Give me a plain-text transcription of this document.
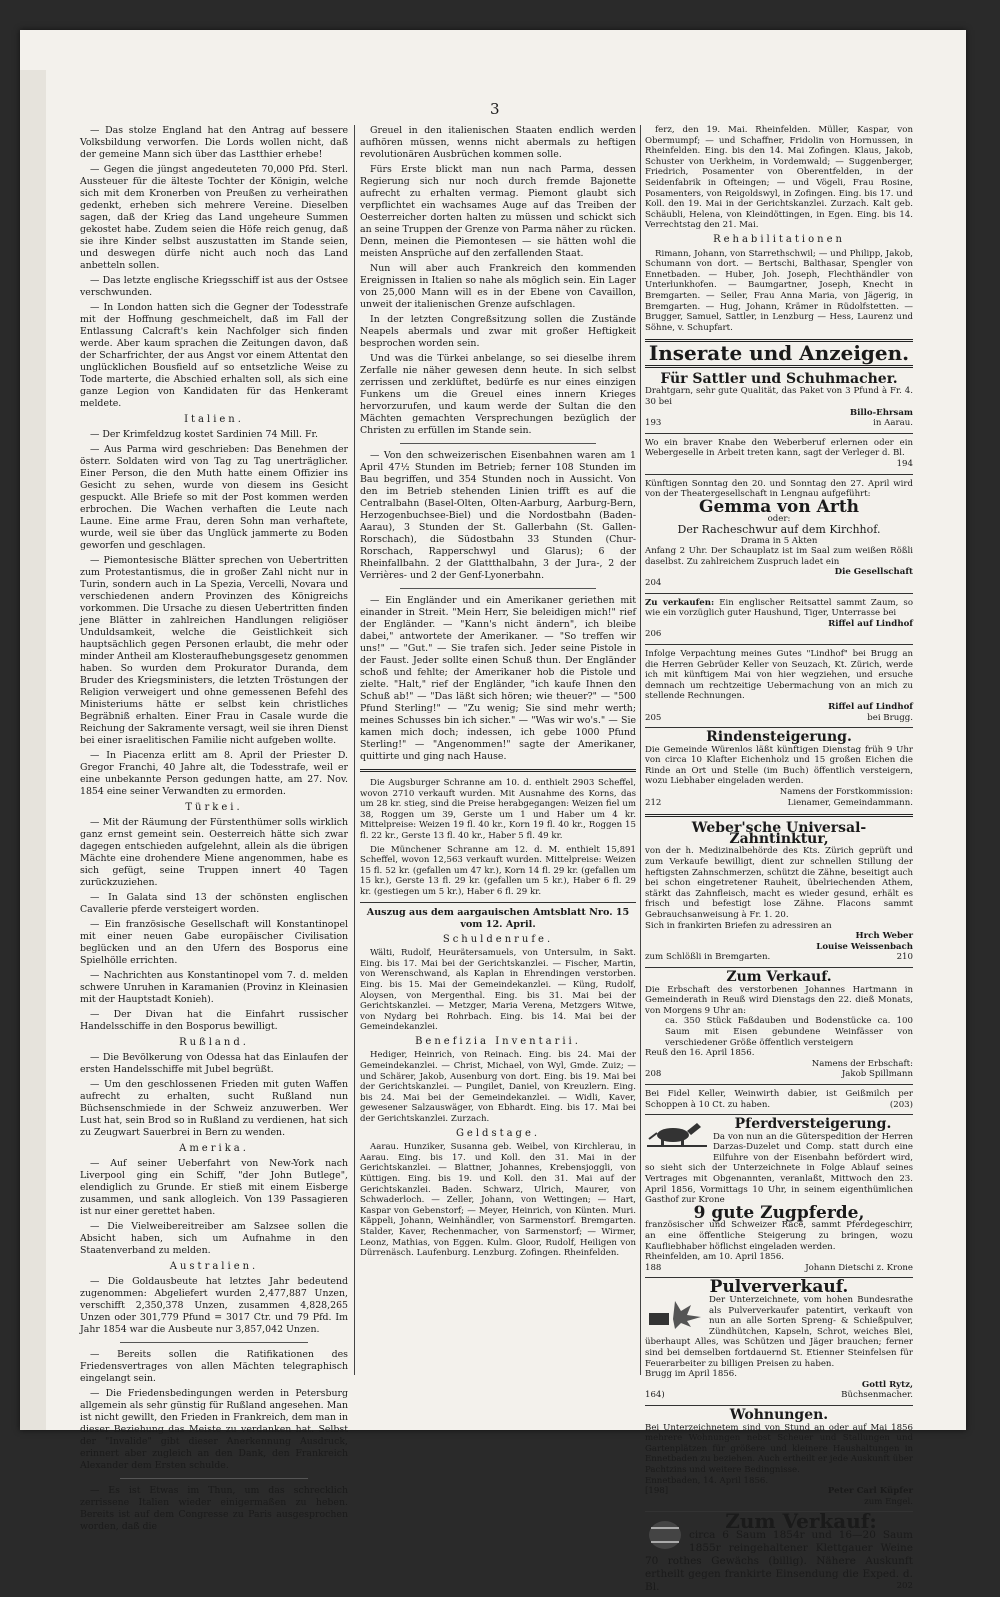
3

— Das stolze England hat den Antrag auf bessere Volksbildung verworfen. Die Lords wollen nicht, daß der gemeine Mann sich über das Lastthier erhebe!

— Gegen die jüngst angedeuteten 70,000 Pfd. Sterl. Aussteuer für die älteste Tochter der Königin, welche sich mit dem Kronerben von Preußen zu verheirathen gedenkt, erheben sich mehrere Vereine. Dieselben sagen, daß der Krieg das Land ungeheure Summen gekostet habe. Zudem seien die Höfe reich genug, daß sie ihre Kinder selbst auszustatten im Stande seien, und deswegen dürfe nicht auch noch das Land anbetteln sollen.

— Das letzte englische Kriegsschiff ist aus der Ostsee verschwunden.

— In London hatten sich die Gegner der Todesstrafe mit der Hoffnung geschmeichelt, daß im Fall der Entlassung Calcraft's kein Nachfolger sich finden werde. Aber kaum sprachen die Zeitungen davon, daß der Scharfrichter, der aus Angst vor einem Attentat den unglücklichen Bousfield auf so entsetzliche Weise zu Tode marterte, die Abschied erhalten soll, als sich eine ganze Legion von Kandidaten für das Henkeramt meldete.

Italien.

— Der Krimfeldzug kostet Sardinien 74 Mill. Fr.

— Aus Parma wird geschrieben: Das Benehmen der österr. Soldaten wird von Tag zu Tag unerträglicher. Einer Person, die den Muth hatte einem Offizier ins Gesicht zu sehen, wurde von diesem ins Gesicht gespuckt. Alle Briefe so mit der Post kommen werden erbrochen. Die Wachen verhaften die Leute nach Laune. Eine arme Frau, deren Sohn man verhaftete, wurde, weil sie über das Unglück jammerte zu Boden geworfen und geschlagen.

— Piemontesische Blätter sprechen von Uebertritten zum Protestantismus, die in großer Zahl nicht nur in Turin, sondern auch in La Spezia, Vercelli, Novara und verschiedenen andern Provinzen des Königreichs vorkommen. Die Ursache zu diesen Uebertritten finden jene Blätter in zahlreichen Handlungen religiöser Unduldsamkeit, welche die Geistlichkeit sich hauptsächlich gegen Personen erlaubt, die mehr oder minder Antheil am Klosteraufhebungsgesetz genommen haben. So wurden dem Prokurator Duranda, dem Bruder des Kriegsministers, die letzten Tröstungen der Religion verweigert und ohne gemessenen Befehl des Ministeriums hätte er selbst kein christliches Begräbniß erhalten. Einer Frau in Casale wurde die Reichung der Sakramente versagt, weil sie ihren Dienst bei einer israelitischen Familie nicht aufgeben wollte.

— In Piacenza erlitt am 8. April der Priester D. Gregor Franchi, 40 Jahre alt, die Todesstrafe, weil er eine unbekannte Person gedungen hatte, am 27. Nov. 1854 eine seiner Verwandten zu ermorden.

Türkei.

— Mit der Räumung der Fürstenthümer solls wirklich ganz ernst gemeint sein. Oesterreich hätte sich zwar dagegen entschieden aufgelehnt, allein als die übrigen Mächte eine drohendere Miene angenommen, habe es sich gefügt, seine Truppen innert 40 Tagen zurückzuziehen.

— In Galata sind 13 der schönsten englischen Cavallerie pferde versteigert worden.

— Ein französische Gesellschaft will Konstantinopel mit einer neuen Gabe europäischer Civilisation beglücken und an den Ufern des Bosporus eine Spielhölle errichten.

— Nachrichten aus Konstantinopel vom 7. d. melden schwere Unruhen in Karamanien (Provinz in Kleinasien mit der Hauptstadt Konieh).

— Der Divan hat die Einfahrt russischer Handelsschiffe in den Bosporus bewilligt.

Rußland.

— Die Bevölkerung von Odessa hat das Einlaufen der ersten Handelsschiffe mit Jubel begrüßt.

— Um den geschlossenen Frieden mit guten Waffen aufrecht zu erhalten, sucht Rußland nun Büchsenschmiede in der Schweiz anzuwerben. Wer Lust hat, sein Brod so in Rußland zu verdienen, hat sich zu Zeugwart Sauerbrei in Bern zu wenden.

Amerika.

— Auf seiner Ueberfahrt von New-York nach Liverpool ging ein Schiff, "der John Butlege", elendiglich zu Grunde. Er stieß mit einem Eisberge zusammen, und sank allogleich. Von 139 Passagieren ist nur einer gerettet haben.

— Die Vielweibereitreiber am Salzsee sollen die Absicht haben, sich um Aufnahme in den Staatenverband zu melden.

Australien.

— Die Goldausbeute hat letztes Jahr bedeutend zugenommen: Abgeliefert wurden 2,477,887 Unzen, verschifft 2,350,378 Unzen, zusammen 4,828,265 Unzen oder 301,779 Pfund = 3017 Ctr. und 79 Pfd. Im Jahr 1854 war die Ausbeute nur 3,857,042 Unzen.

— Bereits sollen die Ratifikationen des Friedensvertrages von allen Mächten telegraphisch eingelangt sein.

— Die Friedensbedingungen werden in Petersburg allgemein als sehr günstig für Rußland angesehen. Man ist nicht gewillt, den Frieden in Frankreich, dem man in dieser Beziehung das Meiste zu verdanken hat. Selbst der "Invalide" gibt dieser Anerkennung Ausdruck, erinnert aber zugleich an den Dank, den Frankreich Alexander dem Ersten schulde.

— Es ist Etwas im Thun, um das schrecklich zerrissene Italien wieder einigermaßen zu heben. Bereits ist auf dem Congresse zu Paris ausgesprochen worden, daß die

Greuel in den italienischen Staaten endlich werden aufhören müssen, wenns nicht abermals zu heftigen revolutionären Ausbrüchen kommen solle.

Fürs Erste blickt man nun nach Parma, dessen Regierung sich nur noch durch fremde Bajonette aufrecht zu erhalten vermag. Piemont glaubt sich verpflichtet ein wachsames Auge auf das Treiben der Oesterreicher dorten halten zu müssen und schickt sich an seine Truppen der Grenze von Parma näher zu rücken. Denn, meinen die Piemontesen — sie hätten wohl die meisten Ansprüche auf den zerfallenden Staat.

Nun will aber auch Frankreich den kommenden Ereignissen in Italien so nahe als möglich sein. Ein Lager von 25,000 Mann will es in der Ebene von Cavaillon, unweit der italienischen Grenze aufschlagen.

In der letzten Congreßsitzung sollen die Zustände Neapels abermals und zwar mit großer Heftigkeit besprochen worden sein.

Und was die Türkei anbelange, so sei dieselbe ihrem Zerfalle nie näher gewesen denn heute. In sich selbst zerrissen und zerklüftet, bedürfe es nur eines einzigen Funkens um die Greuel eines innern Krieges hervorzurufen, und kaum werde der Sultan die den Mächten gemachten Versprechungen bezüglich der Christen zu erfüllen im Stande sein.

— Von den schweizerischen Eisenbahnen waren am 1 April 47½ Stunden im Betrieb; ferner 108 Stunden im Bau begriffen, und 354 Stunden noch in Aussicht. Von den im Betrieb stehenden Linien trifft es auf die Centralbahn (Basel-Olten, Olten-Aarburg, Aarburg-Bern, Herzogenbuchsee-Biel) und die Nordostbahn (Baden-Aarau), 3 Stunden der St. Gallerbahn (St. Gallen-Rorschach), die Südostbahn 33 Stunden (Chur-Rorschach, Rapperschwyl und Glarus); 6 der Rheinfallbahn. 2 der Glattthalbahn, 3 der Jura-, 2 der Verrières- und 2 der Genf-Lyonerbahn.

— Ein Engländer und ein Amerikaner geriethen mit einander in Streit. "Mein Herr, Sie beleidigen mich!" rief der Engländer. — "Kann's nicht ändern", ich bleibe dabei," antwortete der Amerikaner. — "So treffen wir uns!" — "Gut." — Sie trafen sich. Jeder seine Pistole in der Faust. Jeder sollte einen Schuß thun. Der Engländer schoß und fehlte; der Amerikaner hob die Pistole und zielte. "Halt," rief der Engländer, "ich kaufe Ihnen den Schuß ab!" — "Das läßt sich hören; wie theuer?" — "500 Pfund Sterling!" — "Zu wenig; Sie sind mehr werth; meines Schusses bin ich sicher." — "Was wir wo's." — Sie kamen mich doch; indessen, ich gebe 1000 Pfund Sterling!" — "Angenommen!" sagte der Amerikaner, quittirte und ging nach Hause.

Die Augsburger Schranne am 10. d. enthielt 2903 Scheffel, wovon 2710 verkauft wurden. Mit Ausnahme des Korns, das um 28 kr. stieg, sind die Preise herabgegangen: Weizen fiel um 38, Roggen um 39, Gerste um 1 und Haber um 4 kr. Mittelpreise: Weizen 19 fl. 40 kr., Korn 19 fl. 40 kr., Roggen 15 fl. 22 kr., Gerste 13 fl. 40 kr., Haber 5 fl. 49 kr.

Die Münchener Schranne am 12. d. M. enthielt 15,891 Scheffel, wovon 12,563 verkauft wurden. Mittelpreise: Weizen 15 fl. 52 kr. (gefallen um 47 kr.), Korn 14 fl. 29 kr. (gefallen um 15 kr.), Gerste 13 fl. 29 kr. (gefallen um 5 kr.), Haber 6 fl. 29 kr. (gestiegen um 5 kr.), Haber 6 fl. 29 kr.

Auszug aus dem aargauischen Amtsblatt Nro. 15 vom 12. April.
Schuldenrufe.

Wälti, Rudolf, Heurätersamuels, von Untersulm, in Sakt. Eing. bis 17. Mai bei der Gerichtskanzlei. — Fischer, Martin, von Werenschwand, als Kaplan in Ehrendingen verstorben. Eing. bis 15. Mai der Gemeindekanzlei. — Küng, Rudolf, Aloysen, von Mergenthal. Eing. bis 31. Mai bei der Gerichtskanzlei. — Metzger, Maria Verena, Metzgers Witwe, von Nydarg bei Rohrbach. Eing. bis 14. Mai bei der Gemeindekanzlei.

Benefizia Inventarii.

Hediger, Heinrich, von Reinach. Eing. bis 24. Mai der Gemeindekanzlei. — Christ, Michael, von Wyl, Gmde. Zuiz; — und Schärer, Jakob, Ausenburg von dort. Eing. bis 19. Mai bei der Gerichtskanzlei. — Pungilet, Daniel, von Kreuzlern. Eing. bis 24. Mai bei der Gemeindekanzlei. — Widli, Kaver, gewesener Salzauswäger, von Ebhardt. Eing. bis 17. Mai bei der Gerichtskanzlei. Zurzach.

Geldstage.

Aarau. Hunziker, Susanna geb. Weibel, von Kirchlerau, in Aarau. Eing. bis 17. und Koll. den 31. Mai in der Gerichtskanzlei. — Blattner, Johannes, Krebensjoggli, von Küttigen. Eing. bis 19. und Koll. den 31. Mai auf der Gerichtskanzlei. Baden. Schwarz, Ulrich, Maurer, von Schwaderloch. — Zeller, Johann, von Wettingen; — Hart, Kaspar von Gebenstorf; — Meyer, Heinrich, von Künten. Muri. Käppeli, Johann, Weinhändler, von Sarmenstorf. Bremgarten. Stalder, Kaver, Rechenmacher, von Sarmenstorf; — Wirmer, Leonz, Mathias, von Eggen. Kulm. Gloor, Rudolf, Heiligen von Dürrenäsch. Laufenburg. Lenzburg. Zofingen. Rheinfelden.

ferz, den 19. Mai. Rheinfelden. Müller, Kaspar, von Obermumpf; — und Schaffner, Fridolin von Hornussen, in Rheinfelden. Eing. bis den 14. Mai Zofingen. Klaus, Jakob, Schuster von Uerkheim, in Vordemwald; — Suggenberger, Friedrich, Posamenter von Oberentfelden, in der Seidenfabrik in Ofteingen; — und Vögeli, Frau Rosine, Posamenters, von Reigoldswyl, in Zofingen. Eing. bis 17. und Koll. den 19. Mai in der Gerichtskanzlei. Zurzach. Kalt geb. Schäubli, Helena, von Kleindöttingen, in Egen. Eing. bis 14. Verrechtstag den 21. Mai.

Rehabilitationen

Rimann, Johann, von Starrethschwil; — und Philipp, Jakob, Schumann von dort. — Bertschi, Balthasar, Spengler von Ennetbaden. — Huber, Joh. Joseph, Flechthändler von Unterlunkhofen. — Baumgartner, Joseph, Knecht in Bremgarten. — Seiler, Frau Anna Maria, von Jägerig, in Bremgarten. — Hug, Johann, Krämer in Rüdolfstetten. — Brugger, Samuel, Sattler, in Lenzburg — Hess, Laurenz und Söhne, v. Schupfart.

Inserate und Anzeigen.
Für Sattler und Schuhmacher.
Drahtgarn, sehr gute Qualität, das Paket von 3 Pfund à Fr. 4. 30 bei
Billo-Ehrsam
193	in Aarau.
Wo ein braver Knabe den Weberberuf erlernen oder ein Webergeselle in Arbeit treten kann, sagt der Verleger d. Bl.
194
Künftigen Sonntag den 20. und Sonntag den 27. April wird von der Theatergesellschaft in Lengnau aufgeführt:
Gemma von Arth
oder:
Der Racheschwur auf dem Kirchhof.
Drama in 5 Akten
Anfang 2 Uhr. Der Schauplatz ist im Saal zum weißen Rößli daselbst. Zu zahlreichem Zuspruch ladet ein
Die Gesellschaft
204
Zu verkaufen: Ein englischer Reitsattel sammt Zaum, so wie ein vorzüglich guter Haushund, Tiger, Unterrasse bei
Riffel auf Lindhof
206
Infolge Verpachtung meines Gutes "Lindhof" bei Brugg an die Herren Gebrüder Keller von Seuzach, Kt. Zürich, werde ich mit künftigem Mai von hier wegziehen, und ersuche demnach um rechtzeitige Uebermachung von an mich zu stellende Rechnungen.
Riffel auf Lindhof
205	bei Brugg.
Rindensteigerung.
Die Gemeinde Würenlos läßt künftigen Dienstag früh 9 Uhr von circa 10 Klafter Eichenholz und 15 großen Eichen die Rinde an Ort und Stelle (im Buch) öffentlich versteigern, wozu Liebhaber eingeladen werden.
Namens der Forstkommission:
212	Lienamer, Gemeindammann.
Weber'sche Universal-Zahntinktur,
von der h. Medizinalbehörde des Kts. Zürich geprüft und zum Verkaufe bewilligt, dient zur schnellen Stillung der heftigsten Zahnschmerzen, schützt die Zähne, beseitigt auch bei schon eingetretener Rauheit, übelriechenden Athem, stärkt das Zahnfleisch, macht es wieder gesund, erhält es frisch und befestigt lose Zähne. Flacons sammt Gebrauchsanweisung à Fr. 1. 20.
Sich in frankirten Briefen zu adressiren an
Hrch Weber
Louise Weissenbach
zum Schlößli in Bremgarten.	210
Zum Verkauf.
Die Erbschaft des verstorbenen Johannes Hartmann in Gemeinderath in Reuß wird Dienstags den 22. dieß Monats, von Morgens 9 Uhr an:
ca. 350 Stück Faßdauben und Bodenstücke ca. 100 Saum mit Eisen gebundene Weinfässer von verschiedener Größe öffentlich versteigern
Reuß den 16. April 1856.
Namens der Erbschaft:
208	Jakob Spillmann
Bei Fidel Keller, Weinwirth dabier, ist Geißmilch per Schoppen à 10 Ct. zu haben.	(203)
Pferdversteigerung.
Da von nun an die Güterspedition der Herren Darzas-Duzelet und Comp. statt durch eine Eilfuhre von der Eisenbahn befördert wird, so sieht sich der Unterzeichnete in Folge Ablauf seines Vertrages mit Obgenannten, veranlaßt, Mittwoch den 23. April 1856, Vormittags 10 Uhr, in seinem eigenthümlichen Gasthof zur Krone
9 gute Zugpferde,
französischer und Schweizer Race, sammt Pferdegeschirr, an eine öffentliche Steigerung zu bringen, wozu Kaufliebhaber höflichst eingeladen werden.
Rheinfelden, am 10. April 1856.
188	Johann Dietschi z. Krone
Pulververkauf.
Der Unterzeichnete, vom hohen Bundesrathe als Pulververkaufer patentirt, verkauft von nun an alle Sorten Spreng- & Schießpulver, Zündhütchen, Kapseln, Schrot, weiches Blei, überhaupt Alles, was Schützen und Jäger brauchen; ferner sind bei demselben fortdauernd St. Etienner Steinfelsen für Feuerarbeiter zu billigen Preisen zu haben.
Brugg im April 1856.
Gottl Rytz,
164)	Büchsenmacher.
Wohnungen.
Bei Unterzeichnetem sind von Stund an oder auf Mai 1856 mehrere Wohnungen nebst Scheuer und Stallungen und Gartenplätzen für größere und kleinere Haushaltungen in Ennetbaden zu beziehen. Auch ertheilt er jede Auskunft über Pachtzins und weitere Bedingnisse.
Ennetbaden, 14. April 1856.
[198]	Peter Carl Küpfer
zum Engel.
Zum Verkauf:
circa 6 Saum 1854r und 16—20 Saum 1855r reingehaltener Klettgauer Weine 70 rothes Gewächs (billig). Nähere Auskunft ertheilt gegen frankirte Einsendung die Exped. d. Bl.	202
